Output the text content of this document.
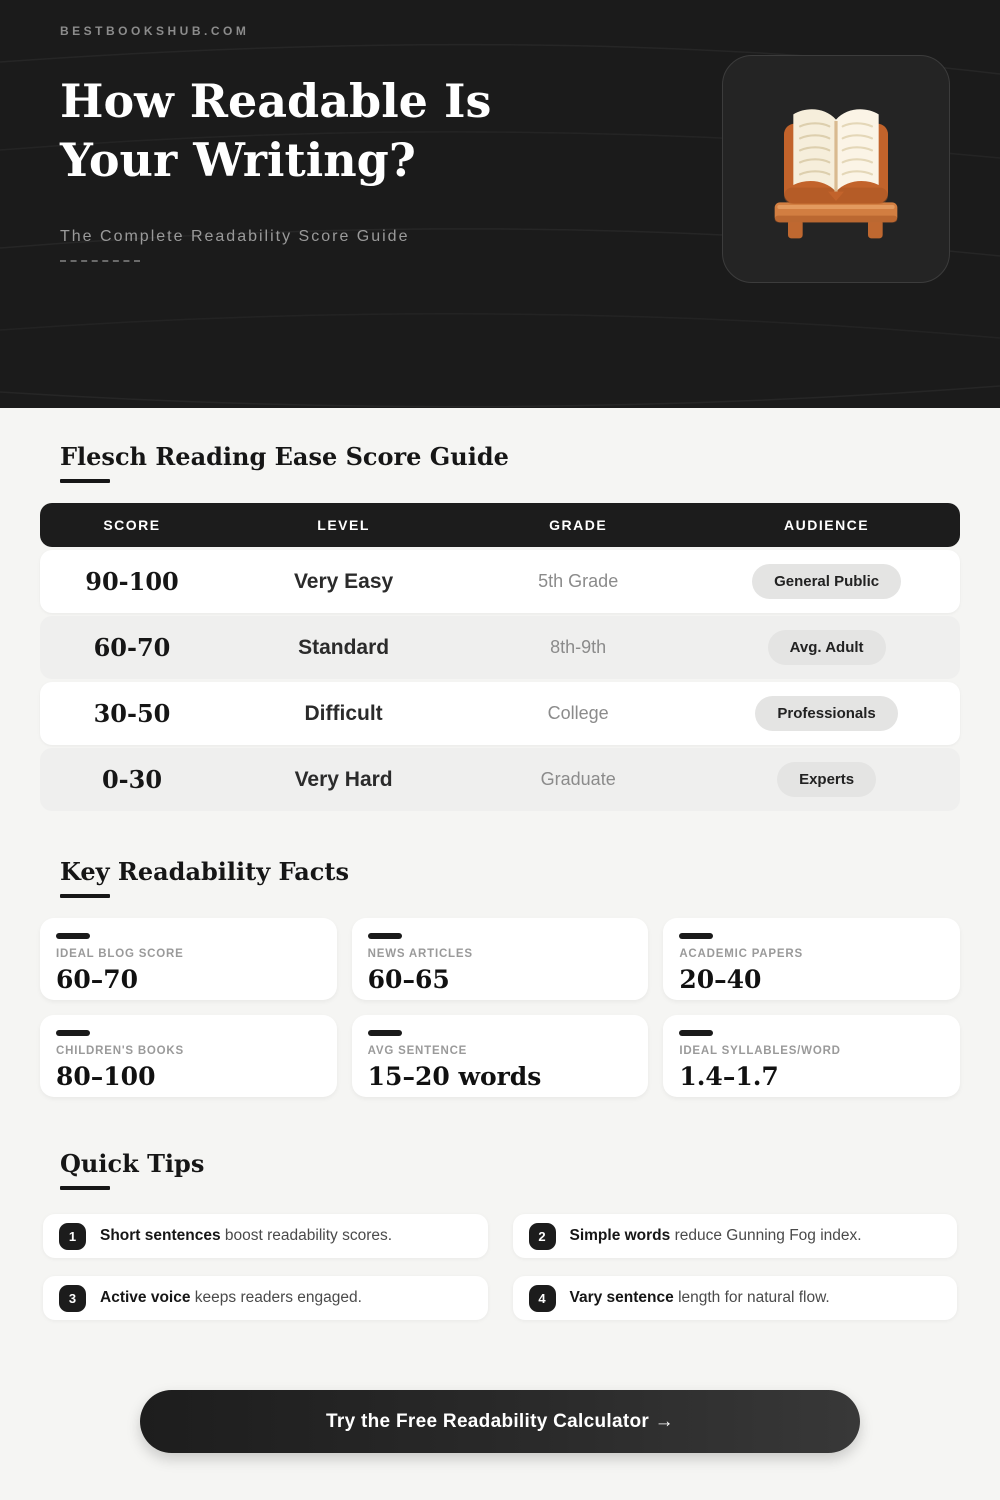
BESTBOOKSHUB.COM
How Readable Is
Your Writing?
The Complete Readability Score Guide
Flesch Reading Ease Score Guide
SCORE	LEVEL	GRADE	AUDIENCE
90-100	Very Easy	5th Grade	General Public
60-70	Standard	8th-9th	Avg. Adult
30-50	Difficult	College	Professionals
0-30	Very Hard	Graduate	Experts
Key Readability Facts
IDEAL BLOG SCORE
60–70
NEWS ARTICLES
60–65
ACADEMIC PAPERS
20–40
CHILDREN'S BOOKS
80–100
AVG SENTENCE
15–20 words
IDEAL SYLLABLES/WORD
1.4–1.7
Quick Tips
1	Short sentences boost readability scores.	2	Simple words reduce Gunning Fog index.
3	Active voice keeps readers engaged.	4	Vary sentence length for natural flow.
Try the Free Readability Calculator →
